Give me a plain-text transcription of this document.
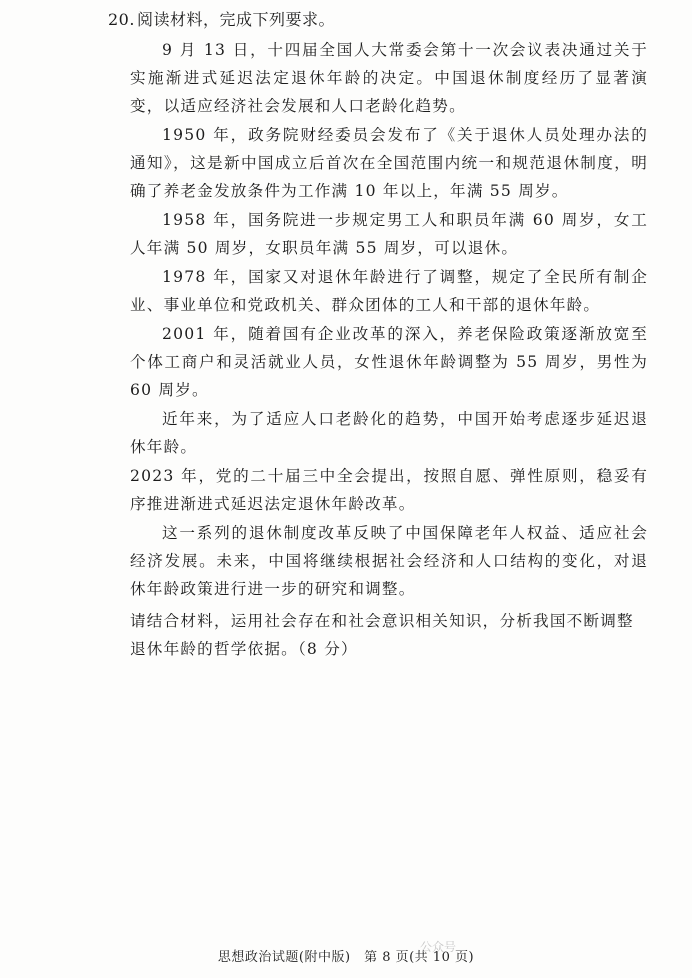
20. 阅读材料，完成下列要求。

9 月 13 日，十四届全国人大常委会第十一次会议表决通过关于实施渐进式延迟法定退休年龄的决定。中国退休制度经历了显著演变，以适应经济社会发展和人口老龄化趋势。

1950 年，政务院财经委员会发布了《关于退休人员处理办法的通知》，这是新中国成立后首次在全国范围内统一和规范退休制度，明确了养老金发放条件为工作满 10 年以上，年满 55 周岁。

1958 年，国务院进一步规定男工人和职员年满 60 周岁，女工人年满 50 周岁，女职员年满 55 周岁，可以退休。

1978 年，国家又对退休年龄进行了调整，规定了全民所有制企业、事业单位和党政机关、群众团体的工人和干部的退休年龄。

2001 年，随着国有企业改革的深入，养老保险政策逐渐放宽至个体工商户和灵活就业人员，女性退休年龄调整为 55 周岁，男性为 60 周岁。

近年来，为了适应人口老龄化的趋势，中国开始考虑逐步延迟退休年龄。

2023 年，党的二十届三中全会提出，按照自愿、弹性原则，稳妥有序推进渐进式延迟法定退休年龄改革。

这一系列的退休制度改革反映了中国保障老年人权益、适应社会经济发展。未来，中国将继续根据社会经济和人口结构的变化，对退休年龄政策进行进一步的研究和调整。

请结合材料，运用社会存在和社会意识相关知识，分析我国不断调整退休年龄的哲学依据。（8 分）

思想政治试题(附中版)　第 8 页(共 10 页)
公众号
